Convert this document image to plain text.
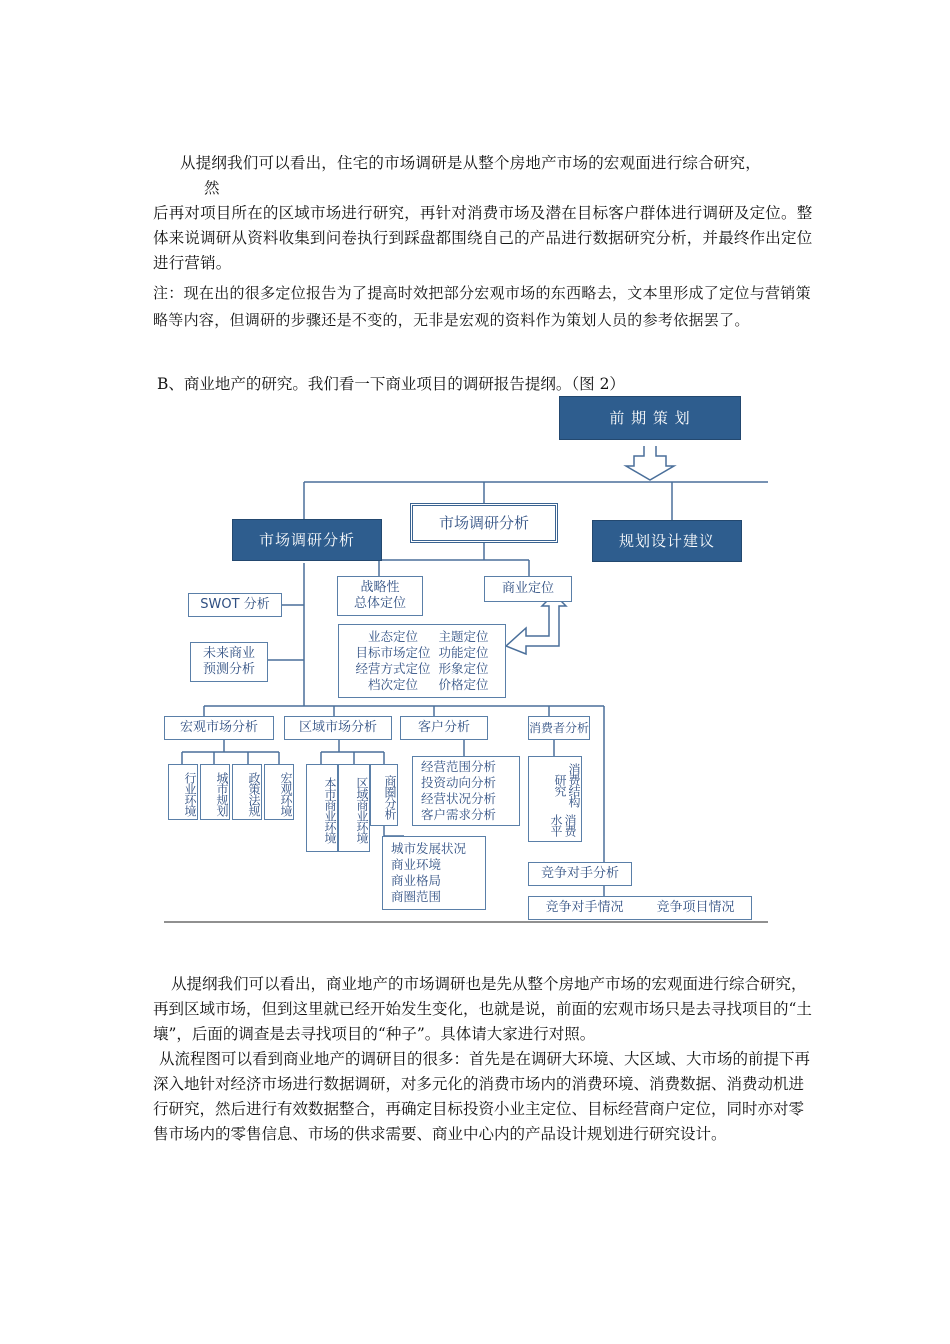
从提纲我们可以看出，住宅的市场调研是从整个房地产市场的宏观面进行综合研究，
然
后再对项目所在的区域市场进行研究，再针对消费市场及潜在目标客户群体进行调研及定位。整体来说调研从资料收集到问卷执行到踩盘都围绕自己的产品进行数据研究分析，并最终作出定位进行营销。
注：现在出的很多定位报告为了提高时效把部分宏观市场的东西略去，文本里形成了定位与营销策略等内容，但调研的步骤还是不变的，无非是宏观的资料作为策划人员的参考依据罢了。
B、商业地产的研究。我们看一下商业项目的调研报告提纲。（图 2）
前 期 策 划
市场调研分析
市场调研分析
规划设计建议
战略性
总体定位
商业定位
SWOT 分析
未来商业
预测分析
业态定位	主题定位
目标市场定位 功能定位
经营方式定位 形象定位
档次定位	价格定位
宏观市场分析	区域市场分析	客户分析	消费者分析
行业环境	城市规划	政策法规	宏观环境	本市商业环境	区域商业环境	商圈分析
经营范围分析
投资动向分析
经营状况分析
客户需求分析
消费结构研究
消费水平
城市发展状况
商业环境
商业格局
商圈范围
竞争对手分析
竞争对手情况	竞争项目情况
从提纲我们可以看出，商业地产的市场调研也是先从整个房地产市场的宏观面进行综合研究，再到区域市场，但到这里就已经开始发生变化，也就是说，前面的宏观市场只是去寻找项目的“土壤”，后面的调查是去寻找项目的“种子”。具体请大家进行对照。
从流程图可以看到商业地产的调研目的很多：首先是在调研大环境、大区域、大市场的前提下再深入地针对经济市场进行数据调研，对多元化的消费市场内的消费环境、消费数据、消费动机进行研究，然后进行有效数据整合，再确定目标投资小业主定位、目标经营商户定位，同时亦对零售市场内的零售信息、市场的供求需要、商业中心内的产品设计规划进行研究设计。
